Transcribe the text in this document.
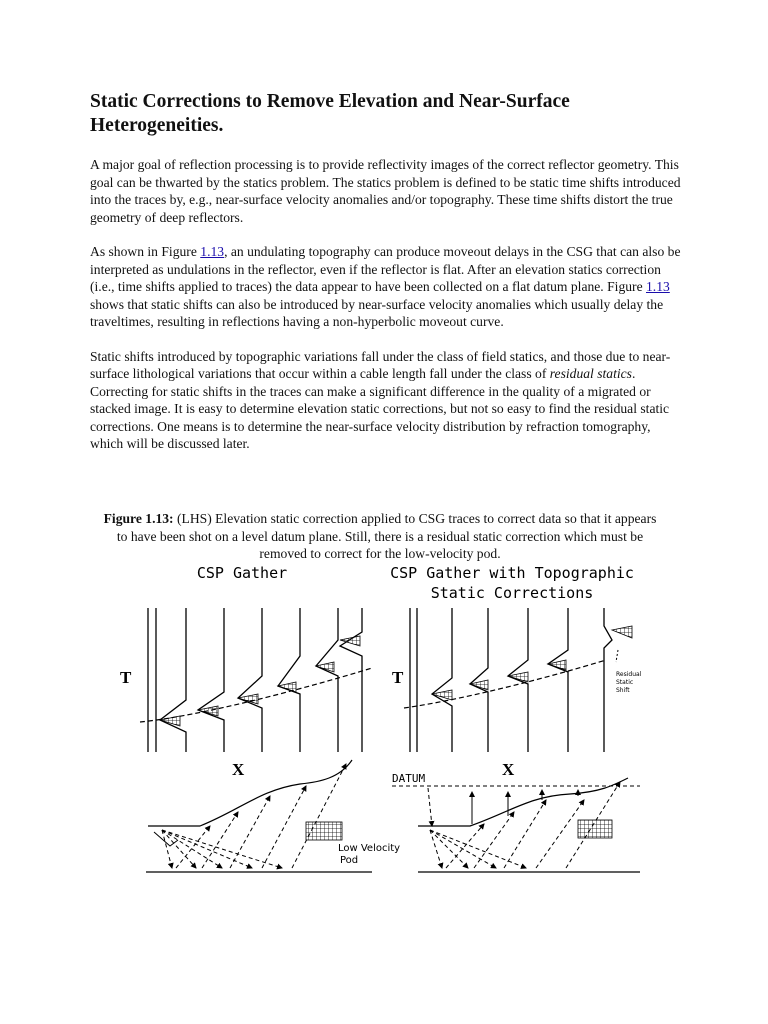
Static Corrections to Remove Elevation and Near-Surface Heterogeneities.

A major goal of reflection processing is to provide reflectivity images of the correct reflector geometry. This goal can be thwarted by the statics problem. The statics problem is defined to be static time shifts introduced into the traces by, e.g., near-surface velocity anomalies and/or topography. These time shifts distort the true geometry of deep reflectors.

As shown in Figure 1.13, an undulating topography can produce moveout delays in the CSG that can also be interpreted as undulations in the reflector, even if the reflector is flat. After an elevation statics correction (i.e., time shifts applied to traces) the data appear to have been collected on a flat datum plane. Figure 1.13 shows that static shifts can also be introduced by near-surface velocity anomalies which usually delay the traveltimes, resulting in reflections having a non-hyperbolic moveout curve.

Static shifts introduced by topographic variations fall under the class of field statics, and those due to near-surface lithological variations that occur within a cable length fall under the class of residual statics. Correcting for static shifts in the traces can make a significant difference in the quality of a migrated or stacked image. It is easy to determine elevation static corrections, but not so easy to find the residual static corrections. One means is to determine the near-surface velocity distribution by refraction tomography, which will be discussed later.

Figure 1.13: (LHS) Elevation static correction applied to CSG traces to correct data so that it appears to have been shot on a level datum plane. Still, there is a residual static correction which must be removed to correct for the low-velocity pod.
CSP Gather	CSP Gather with Topographic
Static Corrections
T
X
T
X
Residual
Static
Shift
Low Velocity
Pod
DATUM
